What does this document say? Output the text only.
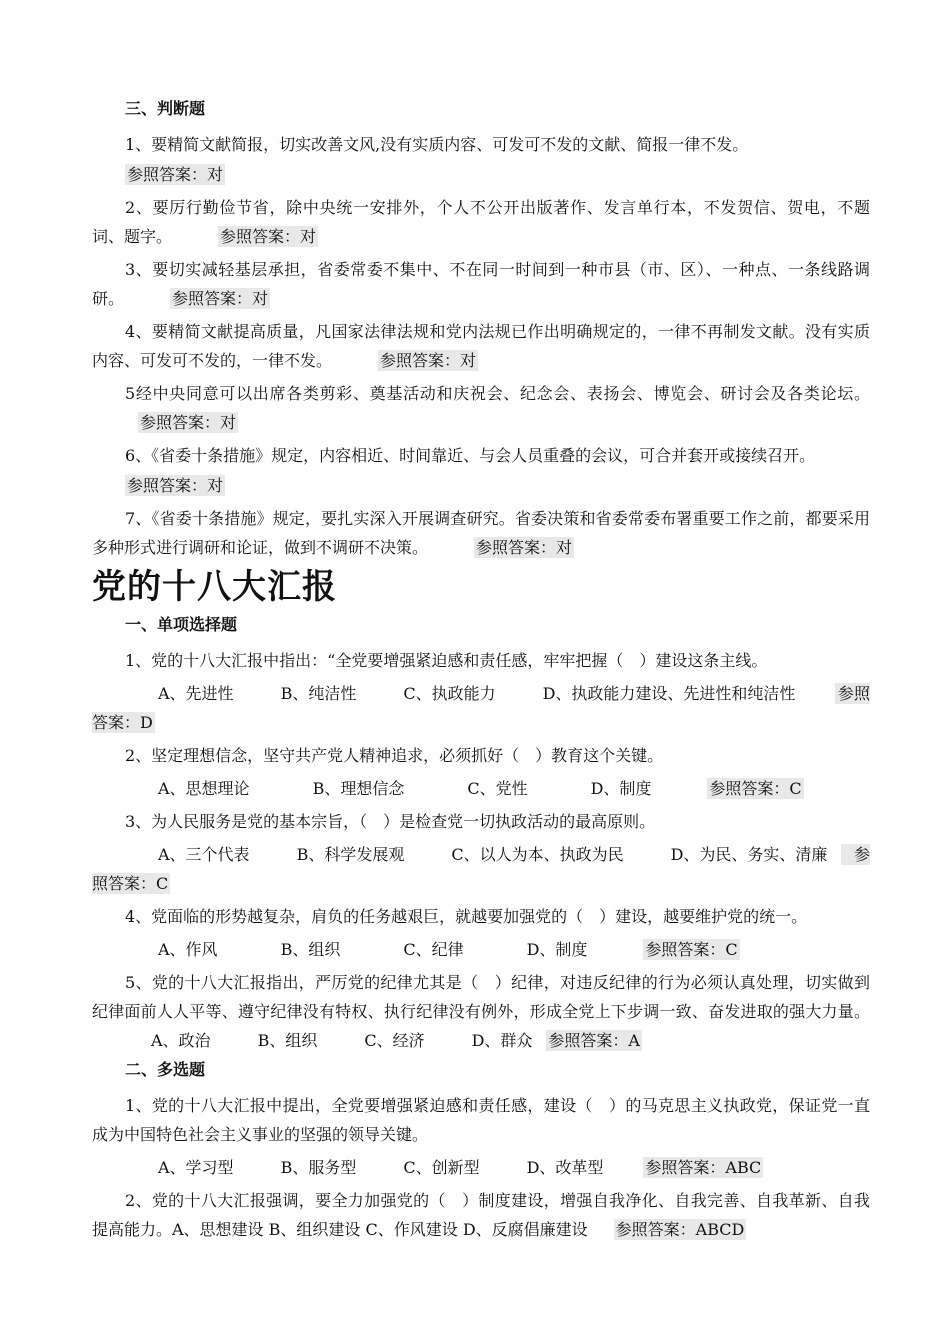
三、判断题

1、要精简文献简报，切实改善文风,没有实质内容、可发可不发的文献、简报一律不发。

参照答案：对

2、要厉行勤俭节省，除中央统一安排外，个人不公开出版著作、发言单行本，不发贺信、贺电，不题词、题字。	参照答案：对

3、要切实减轻基层承担，省委常委不集中、不在同一时间到一种市县（市、区）、一种点、一条线路调研。	参照答案：对

4、要精简文献提高质量，凡国家法律法规和党内法规已作出明确规定的，一律不再制发文献。没有实质内容、可发可不发的，一律不发。	参照答案：对

5经中央同意可以出席各类剪彩、奠基活动和庆祝会、纪念会、表扬会、博览会、研讨会及各类论坛。参照答案：对

6、《省委十条措施》规定，内容相近、时间靠近、与会人员重叠的会议，可合并套开或接续召开。

参照答案：对

7、《省委十条措施》规定，要扎实深入开展调查研究。省委决策和省委常委布署重要工作之前，都要采用多种形式进行调研和论证，做到不调研不决策。	参照答案：对

党的十八大汇报
一、单项选择题

1、党的十八大汇报中指出：“全党要增强紧迫感和责任感，牢牢把握（　）建设这条主线。

A、先进性	B、纯洁性	C、执政能力	D、执政能力建设、先进性和纯洁性	参照答案：D

2、坚定理想信念，坚守共产党人精神追求，必须抓好（　）教育这个关键。

A、思想理论	B、理想信念	C、党性	D、制度	参照答案：C

3、为人民服务是党的基本宗旨，（　）是检查党一切执政活动的最高原则。

A、三个代表	B、科学发展观	C、以人为本、执政为民	D、为民、务实、清廉 参照答案：C

4、党面临的形势越复杂，肩负的任务越艰巨，就越要加强党的（　）建设，越要维护党的统一。

A、作风	B、组织	C、纪律	D、制度	参照答案：C

5、党的十八大汇报指出，严厉党的纪律尤其是（　）纪律，对违反纪律的行为必须认真处理，切实做到纪律面前人人平等、遵守纪律没有特权、执行纪律没有例外，形成全党上下步调一致、奋发进取的强大力量。A、政治	B、组织	C、经济	D、群众 参照答案：A

二、多选题

1、党的十八大汇报中提出，全党要增强紧迫感和责任感，建设（　）的马克思主义执政党，保证党一直成为中国特色社会主义事业的坚强的领导关键。

A、学习型	B、服务型	C、创新型	D、改革型	参照答案：ABC

2、党的十八大汇报强调，要全力加强党的（　）制度建设，增强自我净化、自我完善、自我革新、自我提高能力。A、思想建设 B、组织建设 C、作风建设 D、反腐倡廉建设 参照答案：ABCD
